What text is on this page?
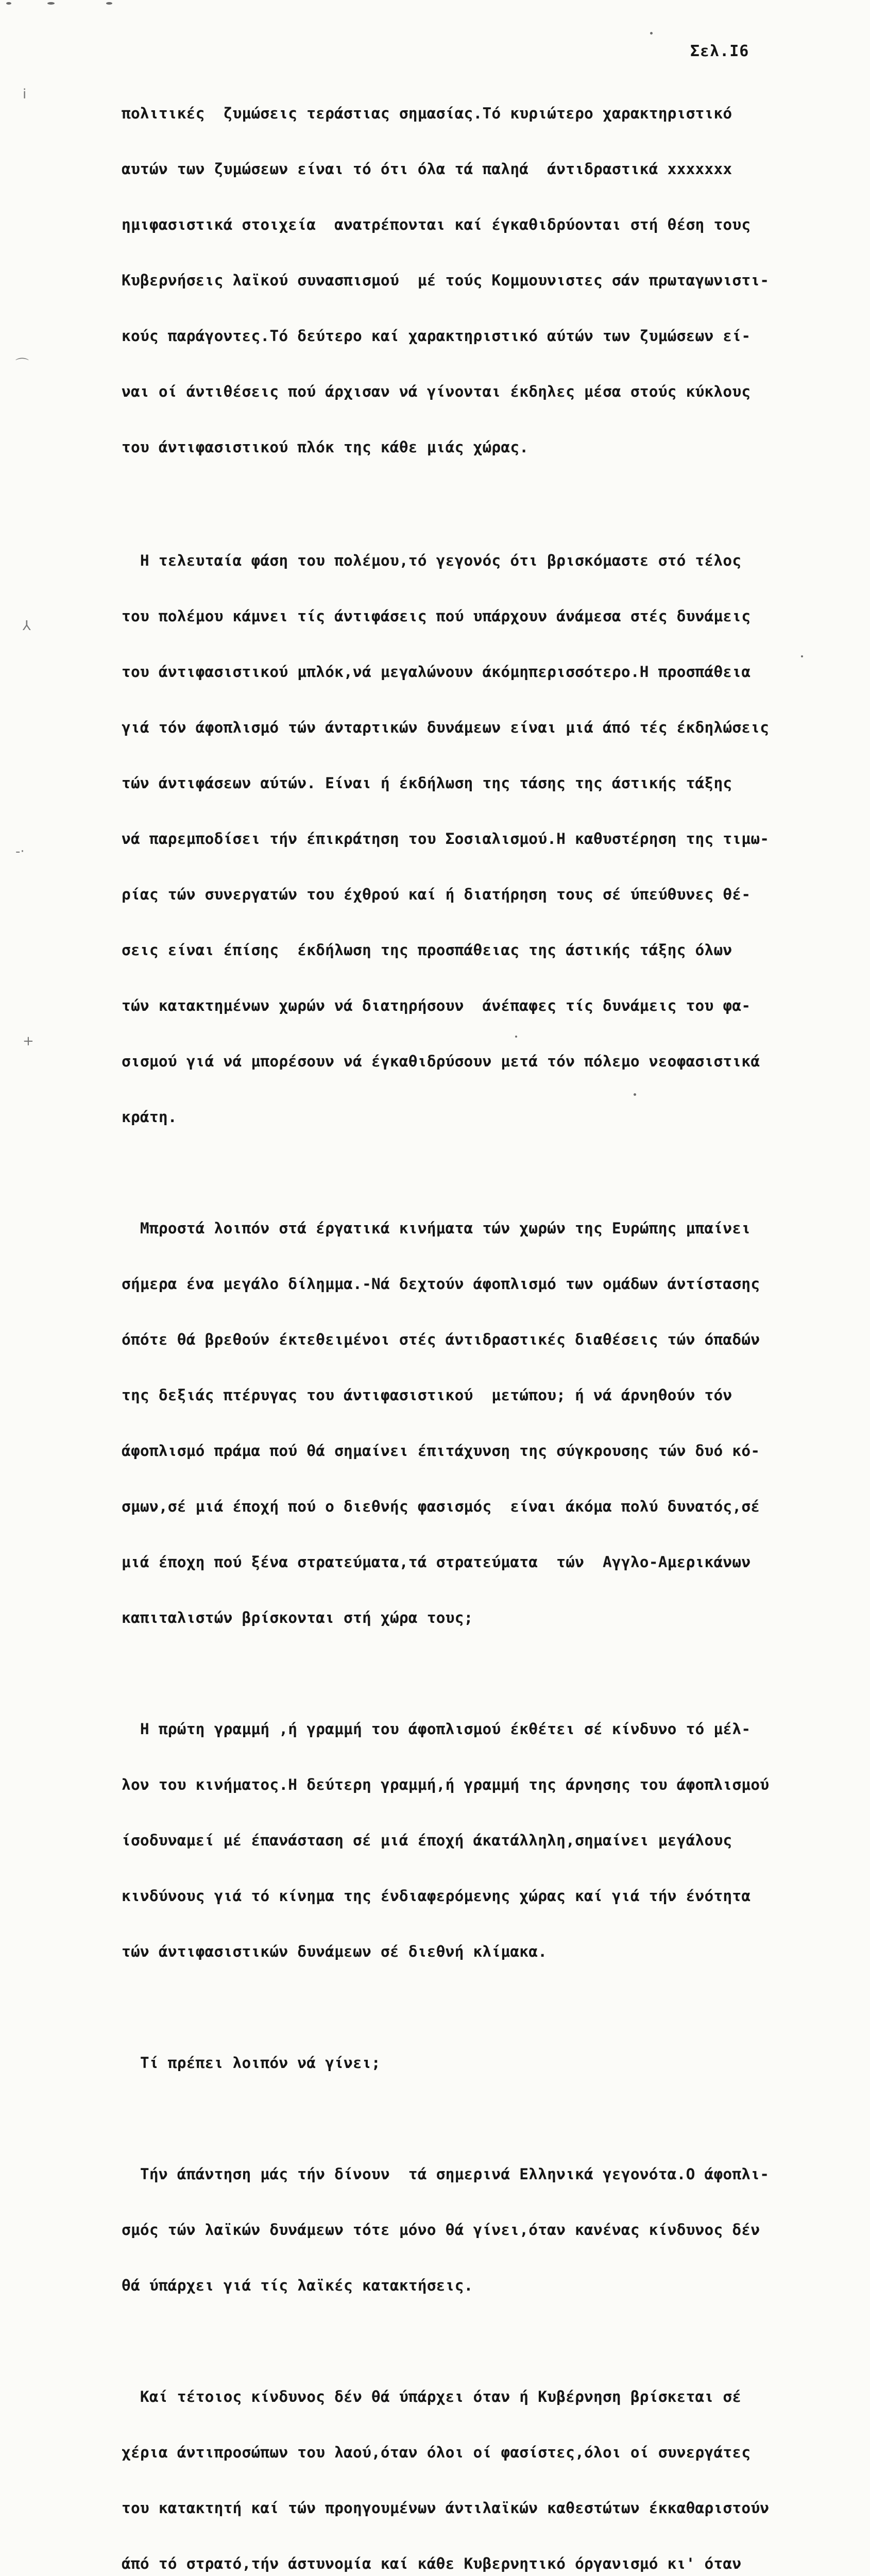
Σελ.Ι6

πολιτικές  ζυμώσεις τεράστιας σημασίας.Τό κυριώτερο χαρακτηριστικό

αυτών των ζυμώσεων είναι τό ότι όλα τά παληά  άντιδραστικά xxxxxxx

ημιφασιστικά στοιχεία  ανατρέπονται καί έγκαθιδρύονται στή θέση τους

Κυβερνήσεις λαϊκού συνασπισμού  μέ τούς Κομμουνιστες σάν πρωταγωνιστι-

κούς παράγοντες.Τό δεύτερο καί χαρακτηριστικό αύτών των ζυμώσεων εί-

ναι οί άντιθέσεις πού άρχισαν νά γίνονται έκδηλες μέσα στούς κύκλους

του άντιφασιστικού πλόκ της κάθε μιάς χώρας.

Η τελευταία φάση του πολέμου,τό γεγονός ότι βρισκόμαστε στό τέλος

του πολέμου κάμνει τίς άντιφάσεις πού υπάρχουν άνάμεσα στές δυνάμεις

του άντιφασιστικού μπλόκ,νά μεγαλώνουν άκόμηπερισσότερο.Η προσπάθεια

γιά τόν άφοπλισμό τών άνταρτικών δυνάμεων είναι μιά άπό τές έκδηλώσεις

τών άντιφάσεων αύτών. Είναι ή έκδήλωση της τάσης της άστικής τάξης

νά παρεμποδίσει τήν έπικράτηση του Σοσιαλισμού.Η καθυστέρηση της τιμω-

ρίας τών συνεργατών του έχθρού καί ή διατήρηση τους σέ ύπεύθυνες θέ-

σεις είναι έπίσης  έκδήλωση της προσπάθειας της άστικής τάξης όλων

τών κατακτημένων χωρών νά διατηρήσουν  άνέπαφες τίς δυνάμεις του φα-

σισμού γιά νά μπορέσουν νά έγκαθιδρύσουν μετά τόν πόλεμο νεοφασιστικά

κράτη.

Μπροστά λοιπόν στά έργατικά κινήματα τών χωρών της Ευρώπης μπαίνει

σήμερα ένα μεγάλο δίλημμα.-Νά δεχτούν άφοπλισμό των ομάδων άντίστασης

όπότε θά βρεθούν έκτεθειμένοι στές άντιδραστικές διαθέσεις τών όπαδών

της δεξιάς πτέρυγας του άντιφασιστικού  μετώπου; ή νά άρνηθούν τόν

άφοπλισμό πράμα πού θά σημαίνει έπιτάχυνση της σύγκρουσης τών δυό κό-

σμων,σέ μιά έποχή πού ο διεθνής φασισμός  είναι άκόμα πολύ δυνατός,σέ

μιά έποχη πού ξένα στρατεύματα,τά στρατεύματα  τών  Αγγλο-Αμερικάνων

καπιταλιστών βρίσκονται στή χώρα τους;

Η πρώτη γραμμή ,ή γραμμή του άφοπλισμού έκθέτει σέ κίνδυνο τό μέλ-

λον του κινήματος.Η δεύτερη γραμμή,ή γραμμή της άρνησης του άφοπλισμού

ίσοδυναμεί μέ έπανάσταση σέ μιά έποχή άκατάλληλη,σημαίνει μεγάλους

κινδύνους γιά τό κίνημα της ένδιαφερόμενης χώρας καί γιά τήν ένότητα

τών άντιφασιστικών δυνάμεων σέ διεθνή κλίμακα.

Τί πρέπει λοιπόν νά γίνει;

Τήν άπάντηση μάς τήν δίνουν  τά σημερινά Ελληνικά γεγονότα.Ο άφοπλι-

σμός τών λαϊκών δυνάμεων τότε μόνο θά γίνει,όταν κανένας κίνδυνος δέν

θά ύπάρχει γιά τίς λαϊκές κατακτήσεις.

Καί τέτοιος κίνδυνος δέν θά ύπάρχει όταν ή Κυβέρνηση βρίσκεται σέ

χέρια άντιπροσώπων του λαού,όταν όλοι οί φασίστες,όλοι οί συνεργάτες

του κατακτητή καί τών προηγουμένων άντιλαϊκών καθεστώτων έκκαθαριστούν

άπό τό στρατό,τήν άστυνομία καί κάθε Κυβερνητικό όργανισμό κι' όταν

ⅰ
⌒
⅄
-·
+
